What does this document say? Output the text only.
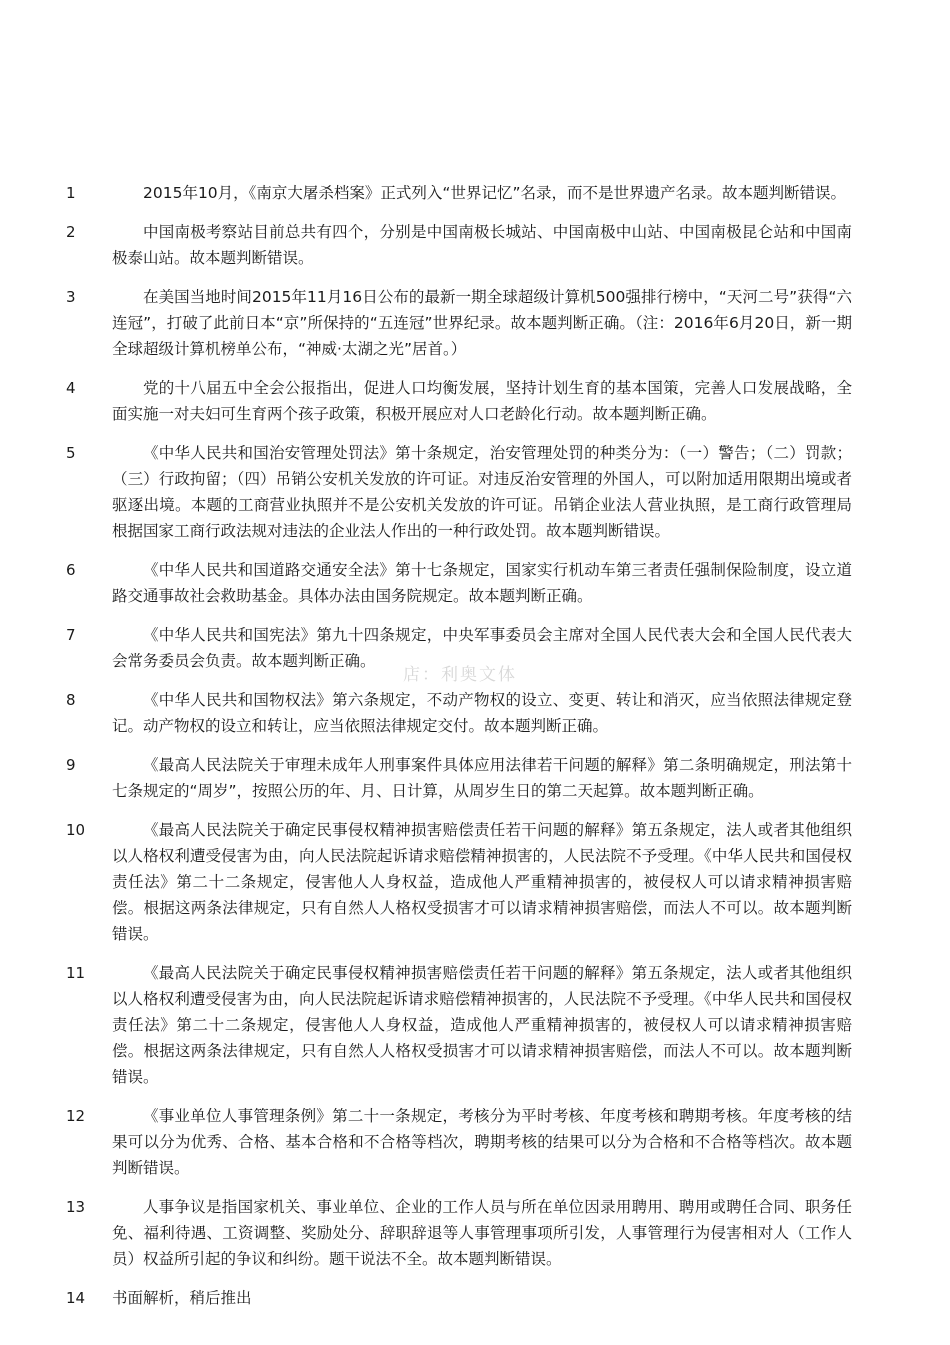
1	2015年10月，《南京大屠杀档案》正式列入“世界记忆”名录，而不是世界遗产名录。故本题判断错误。
2	中国南极考察站目前总共有四个，分别是中国南极长城站、中国南极中山站、中国南极昆仑站和中国南极泰山站。故本题判断错误。
3	在美国当地时间2015年11月16日公布的最新一期全球超级计算机500强排行榜中，“天河二号”获得“六连冠”，打破了此前日本“京”所保持的“五连冠”世界纪录。故本题判断正确。（注：2016年6月20日，新一期全球超级计算机榜单公布，“神威·太湖之光”居首。）
4	党的十八届五中全会公报指出，促进人口均衡发展，坚持计划生育的基本国策，完善人口发展战略，全面实施一对夫妇可生育两个孩子政策，积极开展应对人口老龄化行动。故本题判断正确。
5	《中华人民共和国治安管理处罚法》第十条规定，治安管理处罚的种类分为：（一）警告；（二）罚款；（三）行政拘留；（四）吊销公安机关发放的许可证。对违反治安管理的外国人，可以附加适用限期出境或者驱逐出境。本题的工商营业执照并不是公安机关发放的许可证。吊销企业法人营业执照，是工商行政管理局根据国家工商行政法规对违法的企业法人作出的一种行政处罚。故本题判断错误。
6	《中华人民共和国道路交通安全法》第十七条规定，国家实行机动车第三者责任强制保险制度，设立道路交通事故社会救助基金。具体办法由国务院规定。故本题判断正确。
7	《中华人民共和国宪法》第九十四条规定，中央军事委员会主席对全国人民代表大会和全国人民代表大会常务委员会负责。故本题判断正确。
8	《中华人民共和国物权法》第六条规定，不动产物权的设立、变更、转让和消灭，应当依照法律规定登记。动产物权的设立和转让，应当依照法律规定交付。故本题判断正确。
9	《最高人民法院关于审理未成年人刑事案件具体应用法律若干问题的解释》第二条明确规定，刑法第十七条规定的“周岁”，按照公历的年、月、日计算，从周岁生日的第二天起算。故本题判断正确。
10	《最高人民法院关于确定民事侵权精神损害赔偿责任若干问题的解释》第五条规定，法人或者其他组织以人格权利遭受侵害为由，向人民法院起诉请求赔偿精神损害的，人民法院不予受理。《中华人民共和国侵权责任法》第二十二条规定，侵害他人人身权益，造成他人严重精神损害的，被侵权人可以请求精神损害赔偿。根据这两条法律规定，只有自然人人格权受损害才可以请求精神损害赔偿，而法人不可以。故本题判断错误。
11	《最高人民法院关于确定民事侵权精神损害赔偿责任若干问题的解释》第五条规定，法人或者其他组织以人格权利遭受侵害为由，向人民法院起诉请求赔偿精神损害的，人民法院不予受理。《中华人民共和国侵权责任法》第二十二条规定，侵害他人人身权益，造成他人严重精神损害的，被侵权人可以请求精神损害赔偿。根据这两条法律规定，只有自然人人格权受损害才可以请求精神损害赔偿，而法人不可以。故本题判断错误。
12	《事业单位人事管理条例》第二十一条规定，考核分为平时考核、年度考核和聘期考核。年度考核的结果可以分为优秀、合格、基本合格和不合格等档次，聘期考核的结果可以分为合格和不合格等档次。故本题判断错误。
13	人事争议是指国家机关、事业单位、企业的工作人员与所在单位因录用聘用、聘用或聘任合同、职务任免、福利待遇、工资调整、奖励处分、辞职辞退等人事管理事项所引发，人事管理行为侵害相对人（工作人员）权益所引起的争议和纠纷。题干说法不全。故本题判断错误。
14	书面解析，稍后推出
店：利奥文体
